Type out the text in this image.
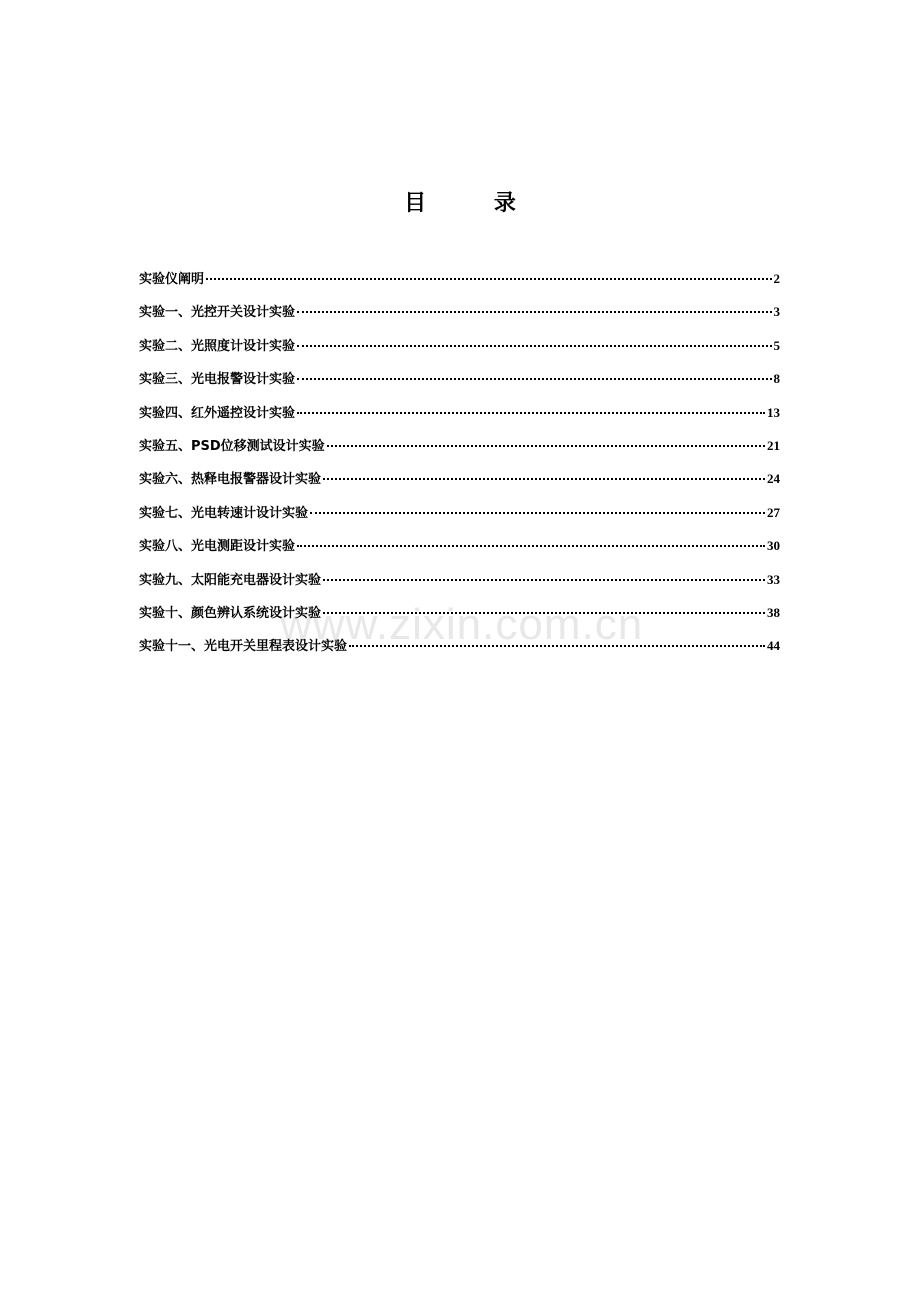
www.zixin.com.cn
目 录
实验仪阐明	2
实验一、光控开关设计实验	3
实验二、光照度计设计实验	5
实验三、光电报警设计实验	8
实验四、红外遥控设计实验	13
实验五、PSD位移测试设计实验	21
实验六、热释电报警器设计实验	24
实验七、光电转速计设计实验	27
实验八、光电测距设计实验	30
实验九、太阳能充电器设计实验	33
实验十、颜色辨认系统设计实验	38
实验十一、光电开关里程表设计实验	44
